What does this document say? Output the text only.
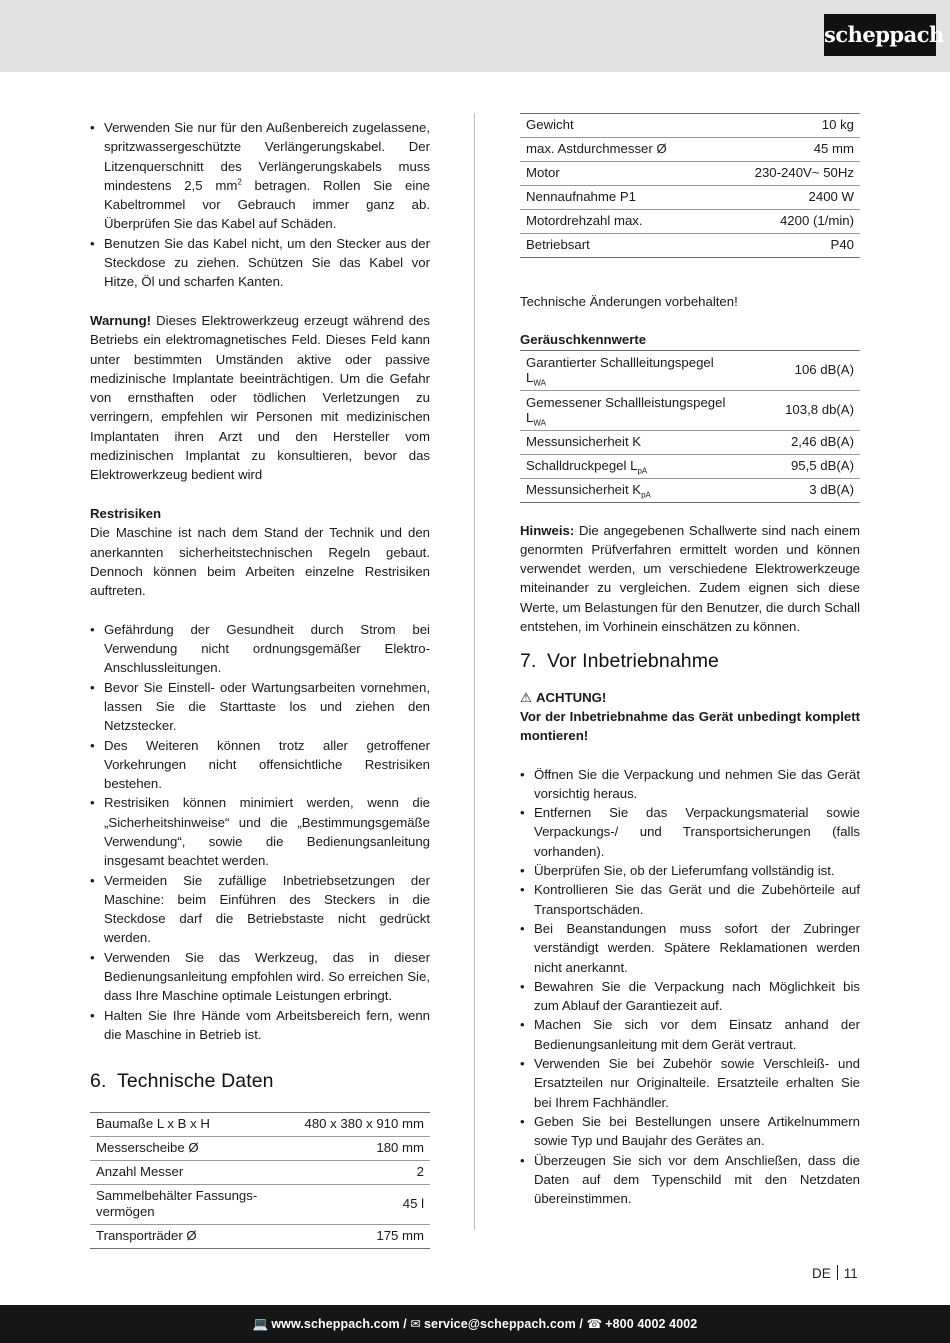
scheppach
• Verwenden Sie nur für den Außenbereich zugelassene, spritzwassergeschützte Verlängerungskabel. Der Litzenquerschnitt des Verlängerungskabels muss mindestens 2,5 $mm^2$ betragen. Rollen Sie eine Kabeltrommel vor Gebrauch immer ganz ab. Überprüfen Sie das Kabel auf Schäden.
• Benutzen Sie das Kabel nicht, um den Stecker aus der Steckdose zu ziehen. Schützen Sie das Kabel vor Hitze, Öl und scharfen Kanten.

Warnung! Dieses Elektrowerkzeug erzeugt während des Betriebs ein elektromagnetisches Feld. Dieses Feld kann unter bestimmten Umständen aktive oder passive medizinische Implantate beeinträchtigen. Um die Gefahr von ernsthaften oder tödlichen Verletzungen zu verringern, empfehlen wir Personen mit medizinischen Implantaten ihren Arzt und den Hersteller vom medizinischen Implantat zu konsultieren, bevor das Elektrowerkzeug bedient wird

Restrisiken

Die Maschine ist nach dem Stand der Technik und den anerkannten sicherheitstechnischen Regeln gebaut. Dennoch können beim Arbeiten einzelne Restrisiken auftreten.

• Gefährdung der Gesundheit durch Strom bei Verwendung nicht ordnungsgemäßer Elektro-Anschlussleitungen.
• Bevor Sie Einstell- oder Wartungsarbeiten vornehmen, lassen Sie die Starttaste los und ziehen den Netzstecker.
• Des Weiteren können trotz aller getroffener Vorkehrungen nicht offensichtliche Restrisiken bestehen.
• Restrisiken können minimiert werden, wenn die „Sicherheitshinweise“ und die „Bestimmungsgemäße Verwendung“, sowie die Bedienungsanleitung insgesamt beachtet werden.
• Vermeiden Sie zufällige Inbetriebsetzungen der Maschine: beim Einführen des Steckers in die Steckdose darf die Betriebstaste nicht gedrückt werden.
• Verwenden Sie das Werkzeug, das in dieser Bedienungsanleitung empfohlen wird. So erreichen Sie, dass Ihre Maschine optimale Leistungen erbringt.
• Halten Sie Ihre Hände vom Arbeitsbereich fern, wenn die Maschine in Betrieb ist.
6. Technische Daten
Baumaße L x B x H	480 x 380 x 910 mm
Messerscheibe Ø	180 mm
Anzahl Messer	2
Sammelbehälter Fassungs-
vermögen	45 l
Transporträder Ø	175 mm
Gewicht	10 kg
max. Astdurchmesser Ø	45 mm
Motor	230-240V~ 50Hz
Nennaufnahme P1	2400 W
Motordrehzahl max.	4200 (1/min)
Betriebsart	P40

Technische Änderungen vorbehalten!

Geräuschkennwerte

Garantierter Schallleitungspegel
$L_{WA}$	106 dB(A)
Gemessener Schallleistungspegel
$L_{WA}$	103,8 db(A)
Messunsicherheit K	2,46 dB(A)
Schalldruckpegel $L_{pA}$	95,5 dB(A)
Messunsicherheit $K_{pA}$	3 dB(A)

Hinweis: Die angegebenen Schallwerte sind nach einem genormten Prüfverfahren ermittelt worden und können verwendet werden, um verschiedene Elektrowerkzeuge miteinander zu vergleichen. Zudem eignen sich diese Werte, um Belastungen für den Benutzer, die durch Schall entstehen, im Vorhinein einschätzen zu können.

7. Vor Inbetriebnahme

⚠ ACHTUNG!

Vor der Inbetriebnahme das Gerät unbedingt komplett montieren!

• Öffnen Sie die Verpackung und nehmen Sie das Gerät vorsichtig heraus.
• Entfernen Sie das Verpackungsmaterial sowie Verpackungs-/ und Transportsicherungen (falls vorhanden).
• Überprüfen Sie, ob der Lieferumfang vollständig ist.
• Kontrollieren Sie das Gerät und die Zubehörteile auf Transportschäden.
• Bei Beanstandungen muss sofort der Zubringer verständigt werden. Spätere Reklamationen werden nicht anerkannt.
• Bewahren Sie die Verpackung nach Möglichkeit bis zum Ablauf der Garantiezeit auf.
• Machen Sie sich vor dem Einsatz anhand der Bedienungsanleitung mit dem Gerät vertraut.
• Verwenden Sie bei Zubehör sowie Verschleiß- und Ersatzteilen nur Originalteile. Ersatzteile erhalten Sie bei Ihrem Fachhändler.
• Geben Sie bei Bestellungen unsere Artikelnummern sowie Typ und Baujahr des Gerätes an.
• Überzeugen Sie sich vor dem Anschließen, dass die Daten auf dem Typenschild mit den Netzdaten übereinstimmen.
DE 11
💻 www.scheppach.com / ✉ service@scheppach.com / ☎ +800 4002 4002
